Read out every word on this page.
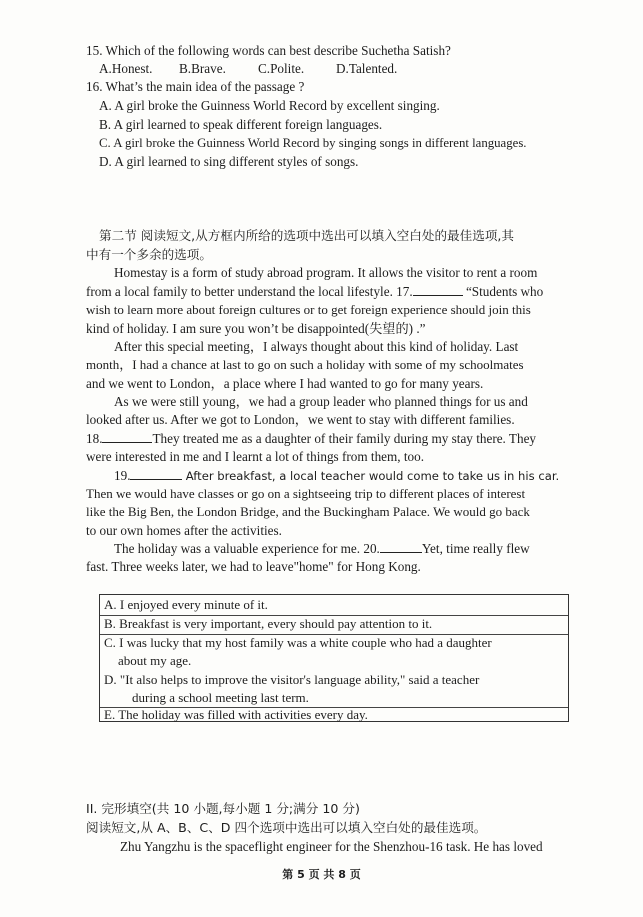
15. Which of the following words can best describe Suchetha Satish?
A.Honest. B.Brave. C.Polite. D.Talented.
16. What’s the main idea of the passage ?
A. A girl broke the Guinness World Record by excellent singing.
B. A girl learned to speak different foreign languages.
C. A girl broke the Guinness World Record by singing songs in different languages.
D. A girl learned to sing different styles of songs.
第二节 阅读短文,从方框内所给的选项中选出可以填入空白处的最佳选项,其
中有一个多余的选项。
Homestay is a form of study abroad program. It allows the visitor to rent a room
from a local family to better understand the local lifestyle. 17.	“Students who
wish to learn more about foreign cultures or to get foreign experience should join this
kind of holiday. I am sure you won’t be disappointed(失望的) .”
After this special meeting，I always thought about this kind of holiday. Last
month，I had a chance at last to go on such a holiday with some of my schoolmates
and we went to London，a place where I had wanted to go for many years.
As we were still young，we had a group leader who planned things for us and
looked after us. After we got to London，we went to stay with different families.
18.	They treated me as a daughter of their family during my stay there. They
were interested in me and I learnt a lot of things from them, too.
19.	After breakfast, a local teacher would come to take us in his car.
Then we would have classes or go on a sightseeing trip to different places of interest
like the Big Ben, the London Bridge, and the Buckingham Palace. We would go back
to our own homes after the activities.
The holiday was a valuable experience for me. 20.	Yet, time really flew
fast. Three weeks later, we had to leave"home" for Hong Kong.
A. I enjoyed every minute of it.
B. Breakfast is very important, every should pay attention to it.
C. I was lucky that my host family was a white couple who had a daughter
about my age.
D. "It also helps to improve the visitor's language ability," said a teacher
during a school meeting last term.
E. The holiday was filled with activities every day.
II. 完形填空(共 10 小题,每小题 1 分;满分 10 分)
阅读短文,从 A、B、C、D 四个选项中选出可以填入空白处的最佳选项。
Zhu Yangzhu is the spaceflight engineer for the Shenzhou-16 task. He has loved
第 5 页 共 8 页
